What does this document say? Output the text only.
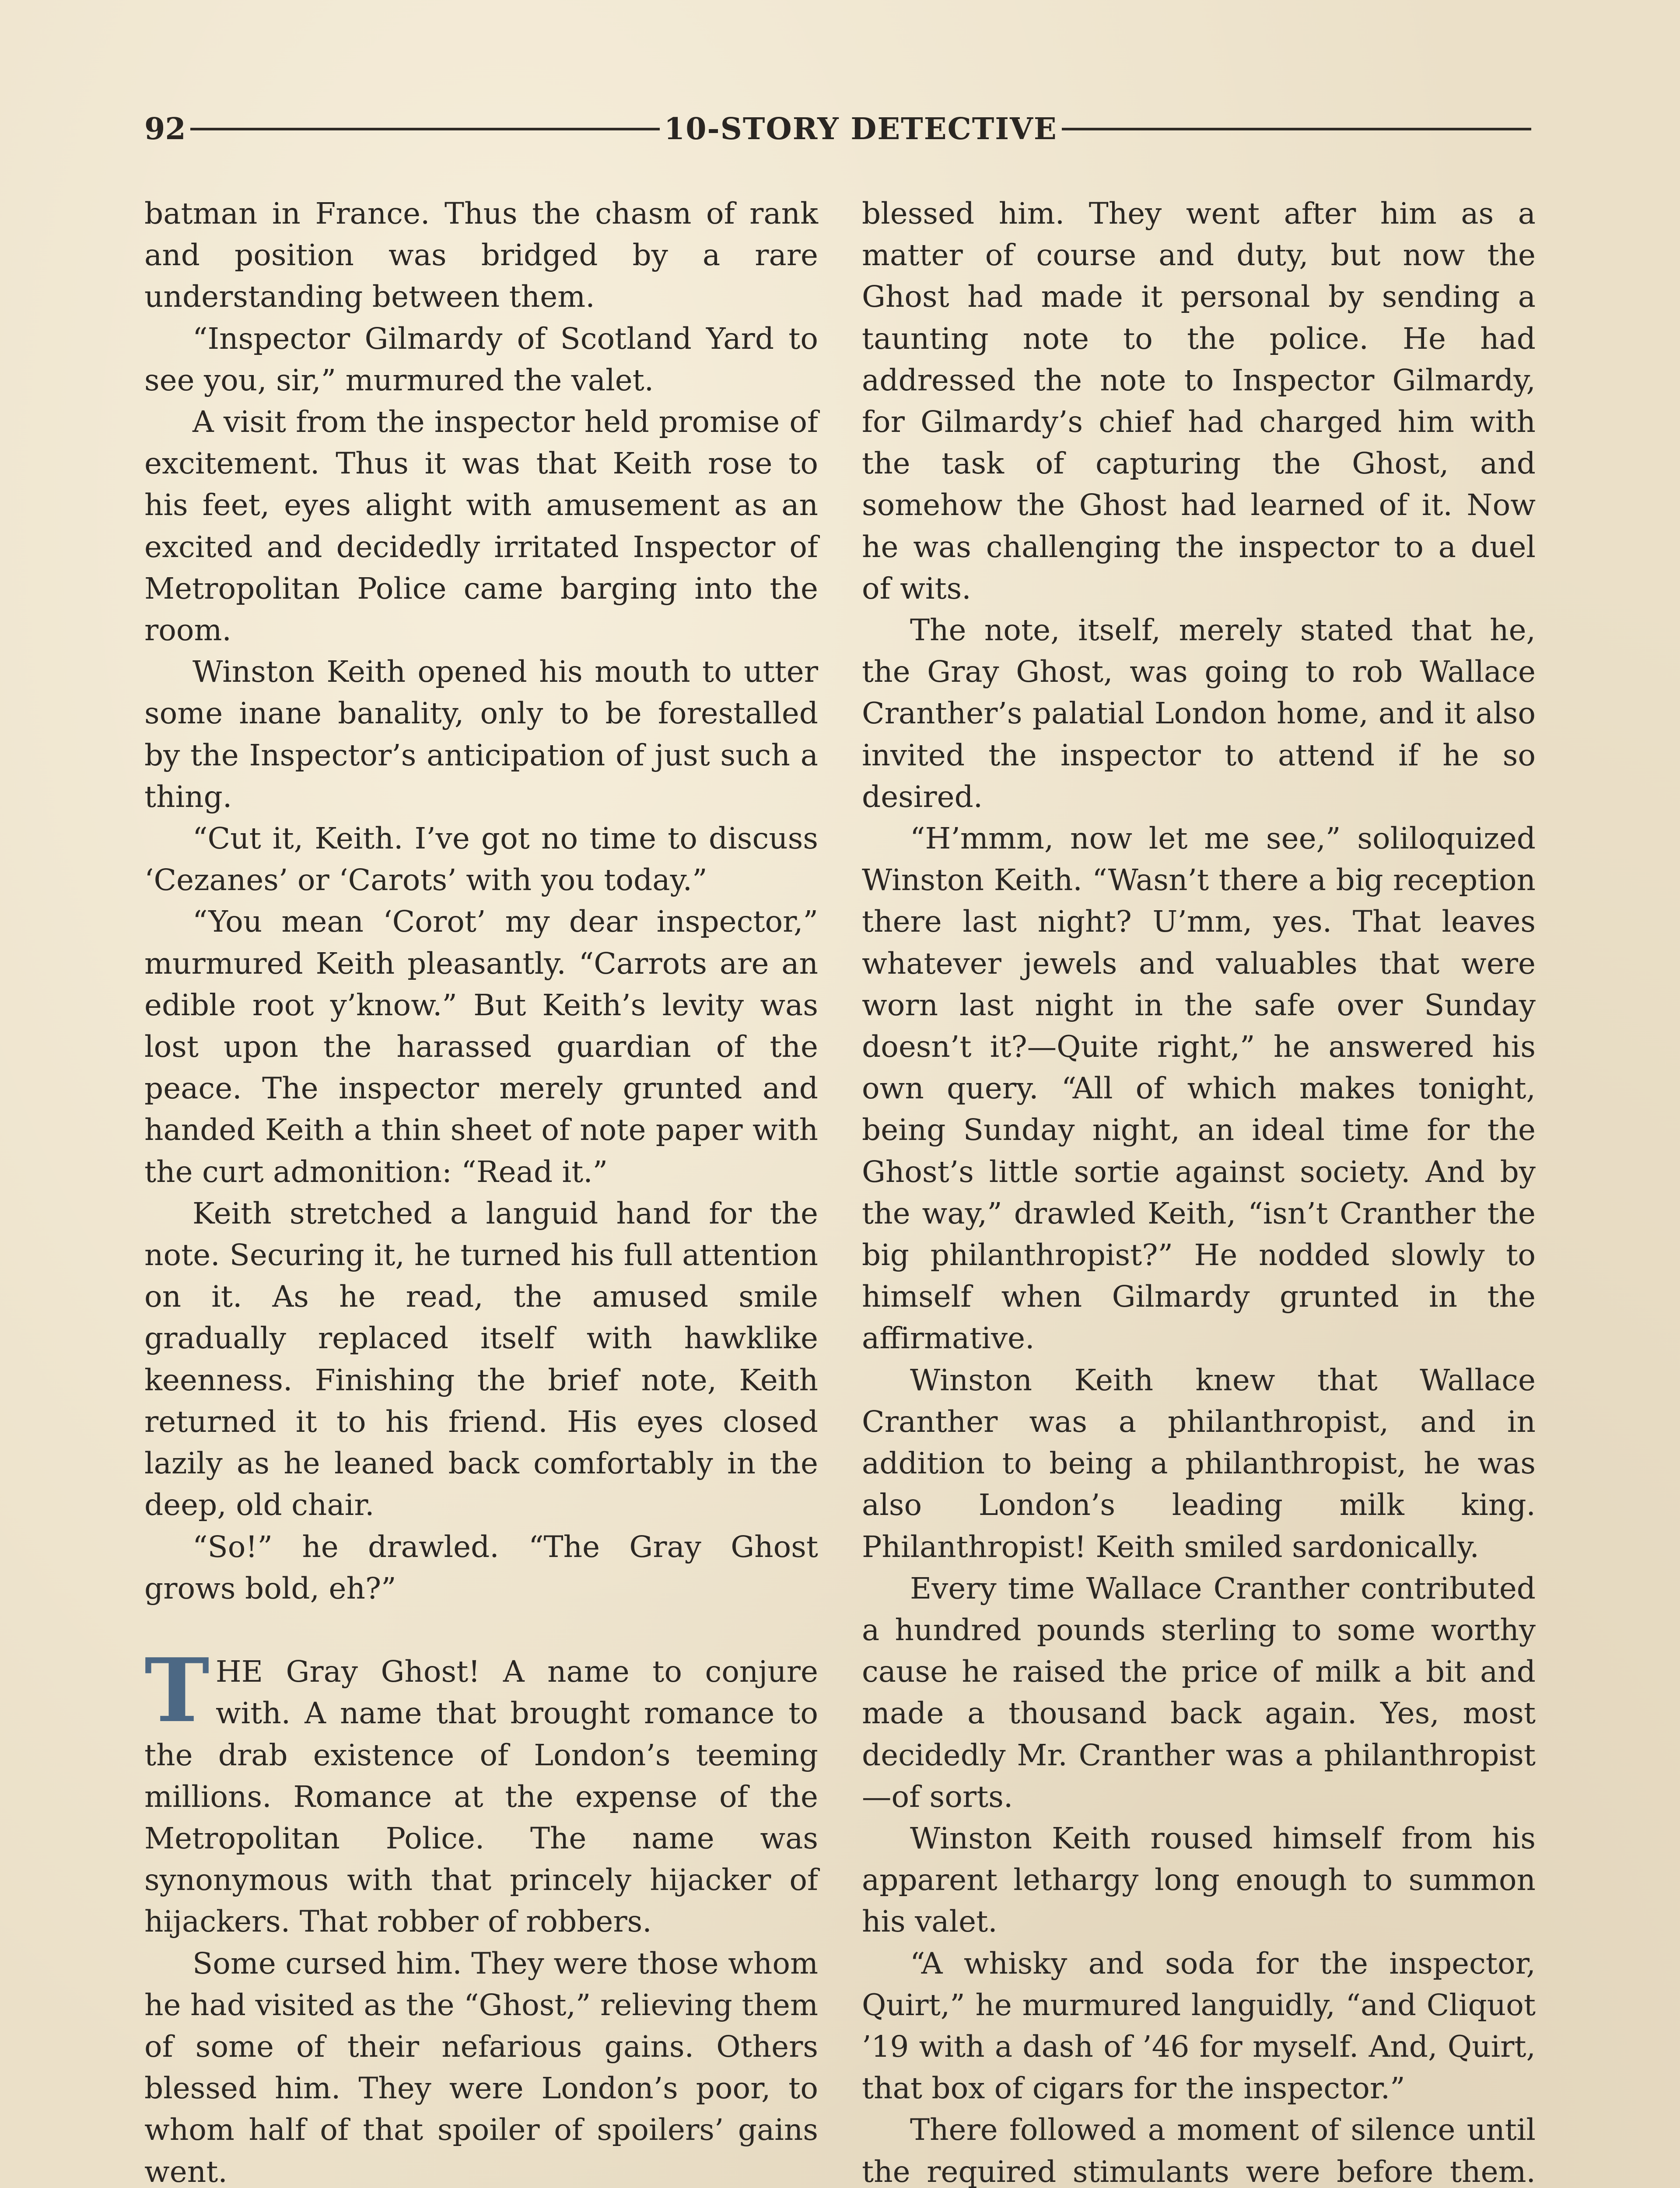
92	10-STORY DETECTIVE

batman in France. Thus the chasm of rank and position was bridged by a rare understanding between them.

“Inspector Gilmardy of Scotland Yard to see you, sir,” murmured the valet.

A visit from the inspector held promise of excitement. Thus it was that Keith rose to his feet, eyes alight with amusement as an excited and decidedly irritated Inspector of Metropolitan Police came barging into the room.

Winston Keith opened his mouth to utter some inane banality, only to be forestalled by the Inspector’s anticipation of just such a thing.

“Cut it, Keith. I’ve got no time to discuss ‘Cezanes’ or ‘Carots’ with you today.”

“You mean ‘Corot’ my dear inspector,” murmured Keith pleasantly. “Carrots are an edible root y’know.” But Keith’s levity was lost upon the harassed guardian of the peace. The inspector merely grunted and handed Keith a thin sheet of note paper with the curt admonition: “Read it.”

Keith stretched a languid hand for the note. Securing it, he turned his full attention on it. As he read, the amused smile gradually replaced itself with hawklike keenness. Finishing the brief note, Keith returned it to his friend. His eyes closed lazily as he leaned back comfortably in the deep, old chair.

“So!” he drawled. “The Gray Ghost grows bold, eh?”

THE Gray Ghost! A name to conjure with. A name that brought romance to the drab existence of London’s teeming millions. Romance at the expense of the Metropolitan Police. The name was synonymous with that princely hijacker of hijackers. That robber of robbers.

Some cursed him. They were those whom he had visited as the “Ghost,” relieving them of some of their nefarious gains. Others blessed him. They were London’s poor, to whom half of that spoiler of spoilers’ gains went.

blessed him. They went after him as a matter of course and duty, but now the Ghost had made it personal by sending a taunting note to the police. He had addressed the note to Inspector Gilmardy, for Gilmardy’s chief had charged him with the task of capturing the Ghost, and somehow the Ghost had learned of it. Now he was challenging the inspector to a duel of wits.

The note, itself, merely stated that he, the Gray Ghost, was going to rob Wallace Cranther’s palatial London home, and it also invited the inspector to attend if he so desired.

“H’mmm, now let me see,” soliloquized Winston Keith. “Wasn’t there a big reception there last night? U’mm, yes. That leaves whatever jewels and valuables that were worn last night in the safe over Sunday doesn’t it?—Quite right,” he answered his own query. “All of which makes tonight, being Sunday night, an ideal time for the Ghost’s little sortie against society. And by the way,” drawled Keith, “isn’t Cranther the big philanthropist?” He nodded slowly to himself when Gilmardy grunted in the affirmative.

Winston Keith knew that Wallace Cranther was a philanthropist, and in addition to being a philanthropist, he was also London’s leading milk king. Philanthropist! Keith smiled sardonically.

Every time Wallace Cranther contributed a hundred pounds sterling to some worthy cause he raised the price of milk a bit and made a thousand back again. Yes, most decidedly Mr. Cranther was a philanthropist—of sorts.

Winston Keith roused himself from his apparent lethargy long enough to summon his valet.

“A whisky and soda for the inspector, Quirt,” he murmured languidly, “and Cliquot ’19 with a dash of ’46 for myself. And, Quirt, that box of cigars for the inspector.”

There followed a moment of silence until the required stimulants were before them.
